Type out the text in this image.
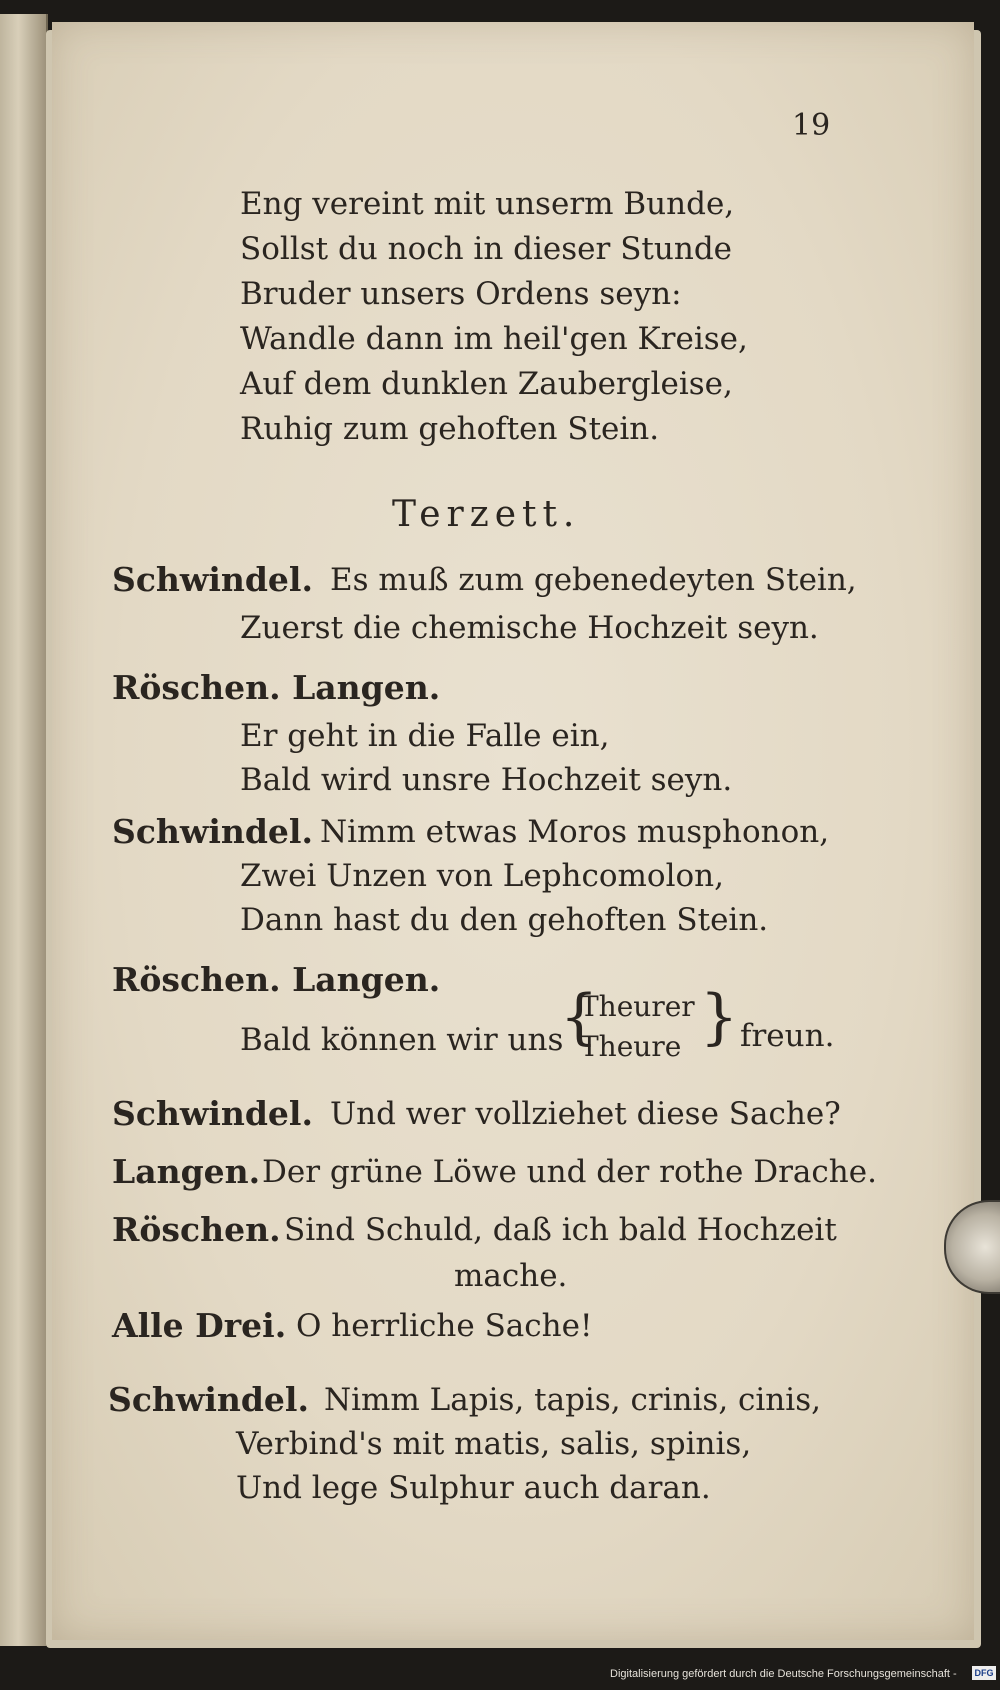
19
Eng vereint mit unserm Bunde,
Sollst du noch in dieser Stunde
Bruder unsers Ordens seyn:
Wandle dann im heil'gen Kreise,
Auf dem dunklen Zaubergleise,
Ruhig zum gehoften Stein.
Terzett.
Schwindel. Es muß zum gebenedeyten Stein,
Zuerst die chemische Hochzeit seyn.
Röschen. Langen.
Er geht in die Falle ein,
Bald wird unsre Hochzeit seyn.
Schwindel. Nimm etwas Moros musphonon,
Zwei Unzen von Lephcomolon,
Dann hast du den gehoften Stein.
Röschen. Langen.
Bald können wir uns
{
Theurer
Theure } freun.
Schwindel. Und wer vollziehet diese Sache?
Langen. Der grüne Löwe und der rothe Drache.
Röschen. Sind Schuld, daß ich bald Hochzeit
mache.
Alle Drei. O herrliche Sache!
Schwindel. Nimm Lapis, tapis, crinis, cinis,
Verbind's mit matis, salis, spinis,
Und lege Sulphur auch daran.
Digitalisierung gefördert durch die Deutsche Forschungsgemeinschaft - DFG
